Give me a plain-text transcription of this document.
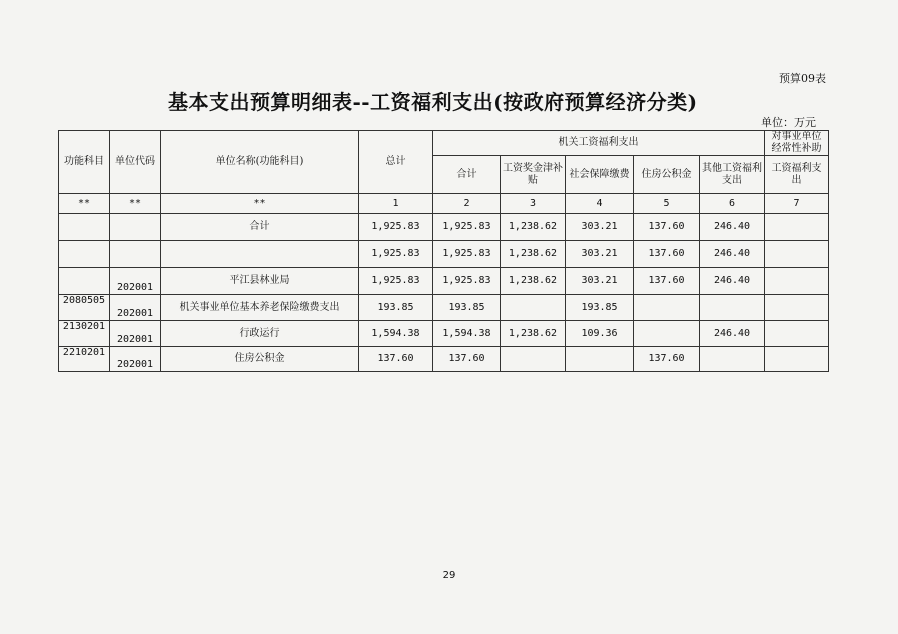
预算09表
基本支出预算明细表--工资福利支出(按政府预算经济分类)
单位：万元
功能科目	单位代码	单位名称(功能科目)	总计	机关工资福利支出					对事业单位经常性补助
				合计	工资奖金津补贴	社会保障缴费	住房公积金	其他工资福利支出	工资福利支出
**	**	**	1	2	3	4	5	6	7
		合计	1,925.83	1,925.83	1,238.62	303.21	137.60	246.40	
			1,925.83	1,925.83	1,238.62	303.21	137.60	246.40	
	202001	平江县林业局	1,925.83	1,925.83	1,238.62	303.21	137.60	246.40	
2080505	202001	机关事业单位基本养老保险缴费支出	193.85	193.85		193.85			
2130201	202001	行政运行	1,594.38	1,594.38	1,238.62	109.36		246.40	
2210201	202001	住房公积金	137.60	137.60			137.60		
29
